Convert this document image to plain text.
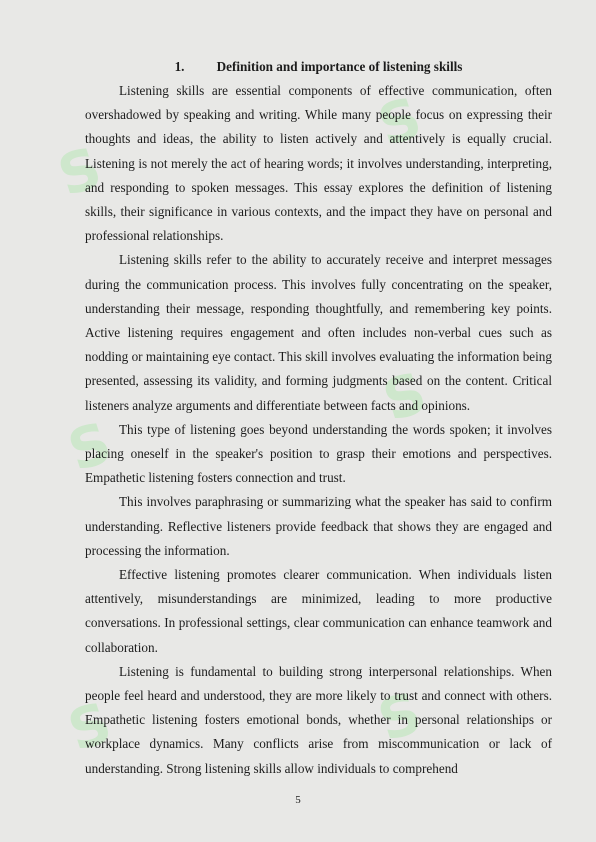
S
S
S
S
S	S
1. Definition and importance of listening skills

Listening skills are essential components of effective communication, often overshadowed by speaking and writing. While many people focus on expressing their thoughts and ideas, the ability to listen actively and attentively is equally crucial. Listening is not merely the act of hearing words; it involves understanding, interpreting, and responding to spoken messages. This essay explores the definition of listening skills, their significance in various contexts, and the impact they have on personal and professional relationships.

Listening skills refer to the ability to accurately receive and interpret messages during the communication process. This involves fully concentrating on the speaker, understanding their message, responding thoughtfully, and remembering key points. Active listening requires engagement and often includes non-verbal cues such as nodding or maintaining eye contact. This skill involves evaluating the information being presented, assessing its validity, and forming judgments based on the content. Critical listeners analyze arguments and differentiate between facts and opinions.

This type of listening goes beyond understanding the words spoken; it involves placing oneself in the speaker's position to grasp their emotions and perspectives. Empathetic listening fosters connection and trust.

This involves paraphrasing or summarizing what the speaker has said to confirm understanding. Reflective listeners provide feedback that shows they are engaged and processing the information.

Effective listening promotes clearer communication. When individuals listen attentively, misunderstandings are minimized, leading to more productive conversations. In professional settings, clear communication can enhance teamwork and collaboration.

Listening is fundamental to building strong interpersonal relationships. When people feel heard and understood, they are more likely to trust and connect with others. Empathetic listening fosters emotional bonds, whether in personal relationships or workplace dynamics. Many conflicts arise from miscommunication or lack of understanding. Strong listening skills allow individuals to comprehend

5
